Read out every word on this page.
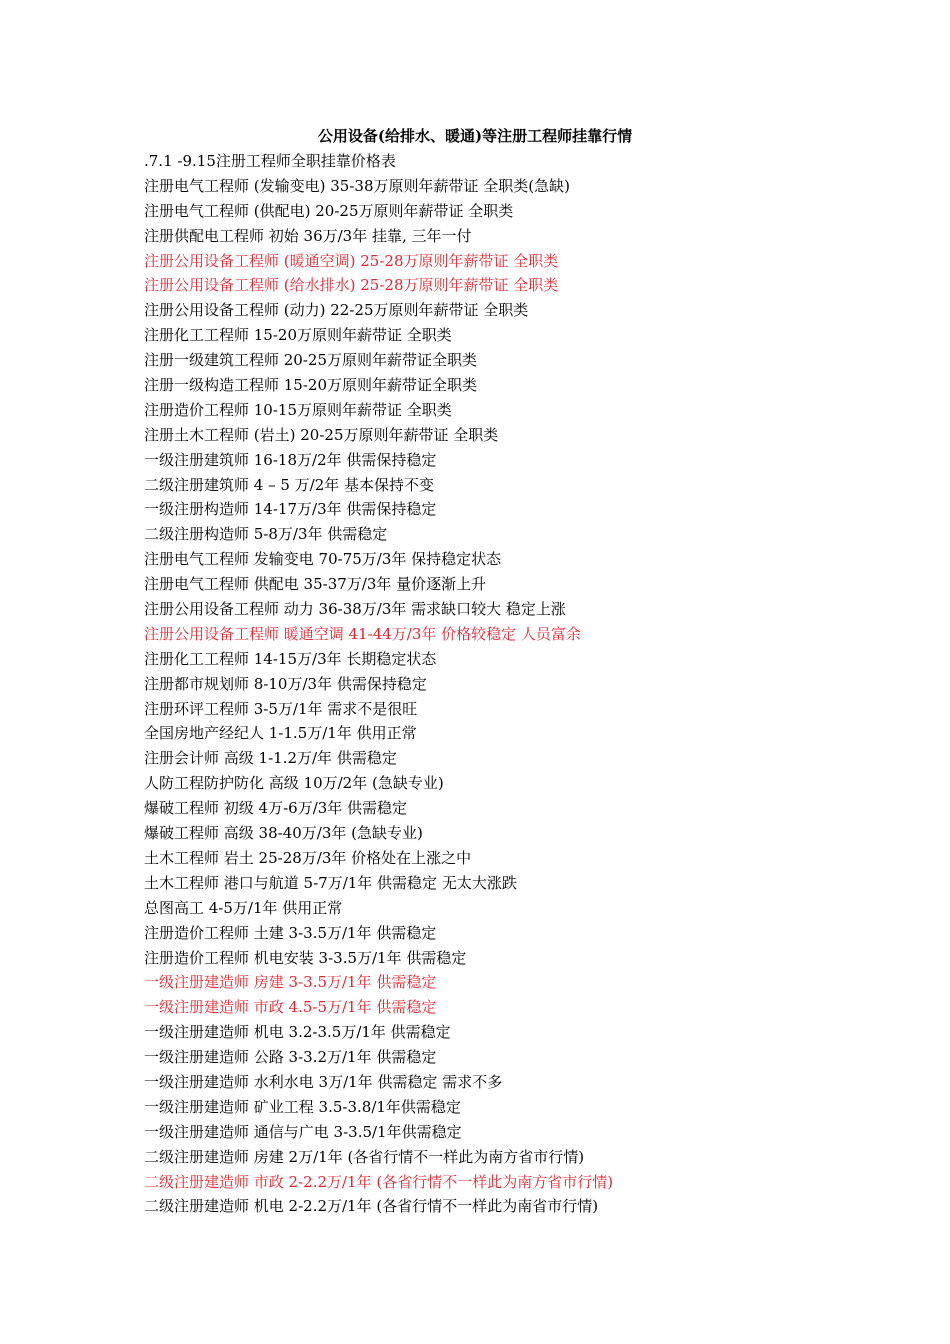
公用设备(给排水、暖通)等注册工程师挂靠行情
.7.1 -9.15注册工程师全职挂靠价格表
注册电气工程师 (发输变电) 35-38万原则年薪带证 全职类(急缺)
注册电气工程师 (供配电) 20-25万原则年薪带证 全职类
注册供配电工程师 初始 36万/3年 挂靠, 三年一付
注册公用设备工程师 (暖通空调) 25-28万原则年薪带证 全职类
注册公用设备工程师 (给水排水) 25-28万原则年薪带证 全职类
注册公用设备工程师 (动力) 22-25万原则年薪带证 全职类
注册化工工程师 15-20万原则年薪带证 全职类
注册一级建筑工程师 20-25万原则年薪带证全职类
注册一级构造工程师 15-20万原则年薪带证全职类
注册造价工程师 10-15万原则年薪带证 全职类
注册土木工程师 (岩土) 20-25万原则年薪带证 全职类
一级注册建筑师 16-18万/2年 供需保持稳定
二级注册建筑师 4 – 5 万/2年 基本保持不变
一级注册构造师 14-17万/3年 供需保持稳定
二级注册构造师 5-8万/3年 供需稳定
注册电气工程师 发输变电 70-75万/3年 保持稳定状态
注册电气工程师 供配电 35-37万/3年 量价逐渐上升
注册公用设备工程师 动力 36-38万/3年 需求缺口较大 稳定上涨
注册公用设备工程师 暖通空调 41-44万/3年 价格较稳定 人员富余
注册化工工程师 14-15万/3年 长期稳定状态
注册都市规划师 8-10万/3年 供需保持稳定
注册环评工程师 3-5万/1年 需求不是很旺
全国房地产经纪人 1-1.5万/1年 供用正常
注册会计师 高级 1-1.2万/年 供需稳定
人防工程防护防化 高级 10万/2年 (急缺专业)
爆破工程师 初级 4万-6万/3年 供需稳定
爆破工程师 高级 38-40万/3年 (急缺专业)
土木工程师 岩土 25-28万/3年 价格处在上涨之中
土木工程师 港口与航道 5-7万/1年 供需稳定 无太大涨跌
总图高工 4-5万/1年 供用正常
注册造价工程师 土建 3-3.5万/1年 供需稳定
注册造价工程师 机电安装 3-3.5万/1年 供需稳定
一级注册建造师 房建 3-3.5万/1年 供需稳定
一级注册建造师 市政 4.5-5万/1年 供需稳定
一级注册建造师 机电 3.2-3.5万/1年 供需稳定
一级注册建造师 公路 3-3.2万/1年 供需稳定
一级注册建造师 水利水电 3万/1年 供需稳定 需求不多
一级注册建造师 矿业工程 3.5-3.8/1年供需稳定
一级注册建造师 通信与广电 3-3.5/1年供需稳定
二级注册建造师 房建 2万/1年 (各省行情不一样此为南方省市行情)
二级注册建造师 市政 2-2.2万/1年 (各省行情不一样此为南方省市行情)
二级注册建造师 机电 2-2.2万/1年 (各省行情不一样此为南省市行情)
